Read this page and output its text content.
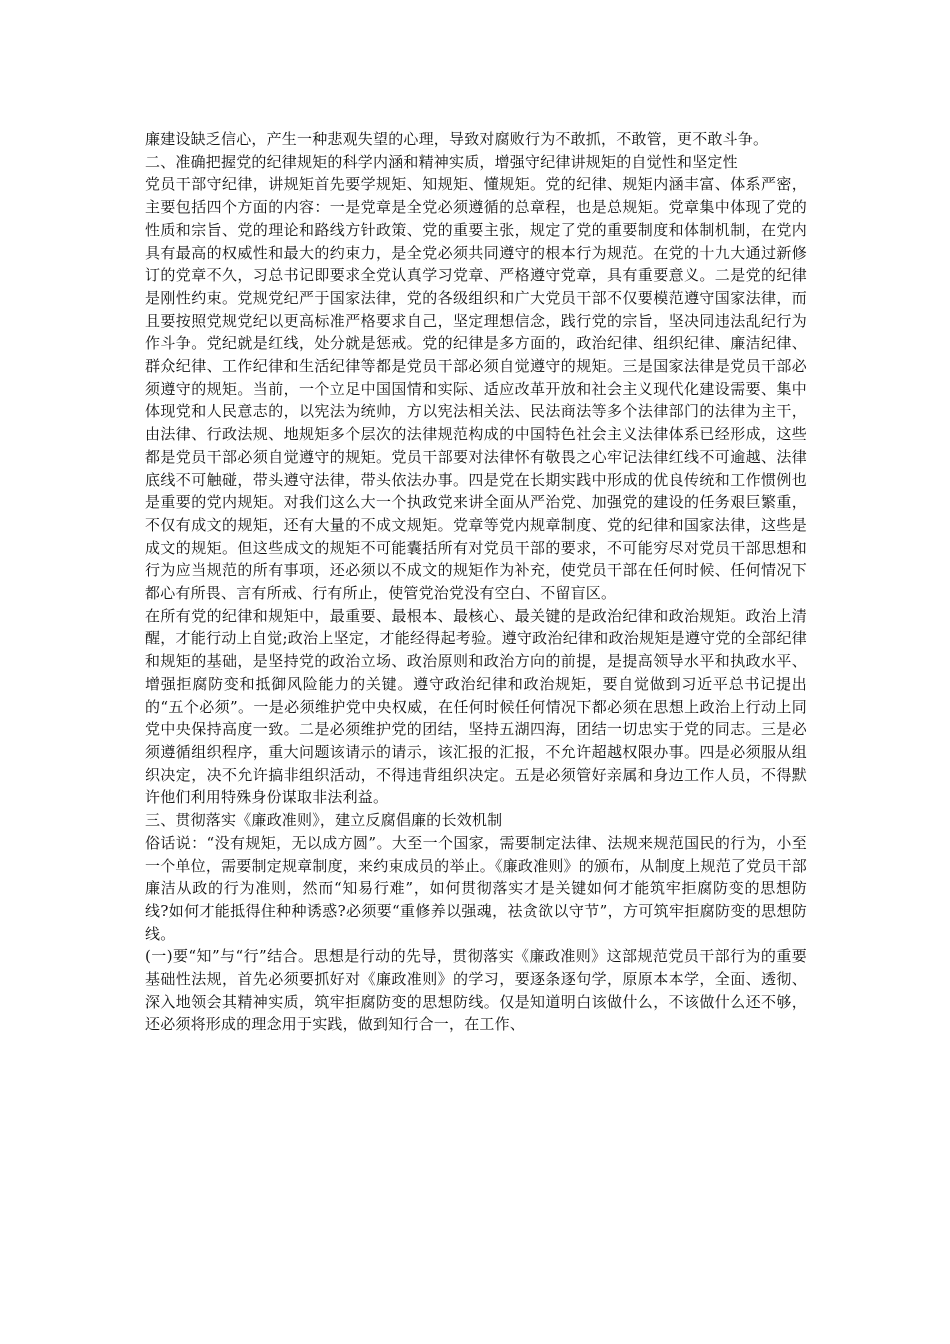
廉建设缺乏信心，产生一种悲观失望的心理，导致对腐败行为不敢抓，不敢管，更不敢斗争。

二、准确把握党的纪律规矩的科学内涵和精神实质，增强守纪律讲规矩的自觉性和坚定性

党员干部守纪律，讲规矩首先要学规矩、知规矩、懂规矩。党的纪律、规矩内涵丰富、体系严密，主要包括四个方面的内容：一是党章是全党必须遵循的总章程，也是总规矩。党章集中体现了党的性质和宗旨、党的理论和路线方针政策、党的重要主张，规定了党的重要制度和体制机制，在党内具有最高的权威性和最大的约束力，是全党必须共同遵守的根本行为规范。在党的十九大通过新修订的党章不久，习总书记即要求全党认真学习党章、严格遵守党章，具有重要意义。二是党的纪律是刚性约束。党规党纪严于国家法律，党的各级组织和广大党员干部不仅要模范遵守国家法律，而且要按照党规党纪以更高标准严格要求自己，坚定理想信念，践行党的宗旨，坚决同违法乱纪行为作斗争。党纪就是红线，处分就是惩戒。党的纪律是多方面的，政治纪律、组织纪律、廉洁纪律、群众纪律、工作纪律和生活纪律等都是党员干部必须自觉遵守的规矩。三是国家法律是党员干部必须遵守的规矩。当前，一个立足中国国情和实际、适应改革开放和社会主义现代化建设需要、集中体现党和人民意志的，以宪法为统帅，方以宪法相关法、民法商法等多个法律部门的法律为主干，由法律、行政法规、地规矩多个层次的法律规范构成的中国特色社会主义法律体系已经形成，这些都是党员干部必须自觉遵守的规矩。党员干部要对法律怀有敬畏之心牢记法律红线不可逾越、法律底线不可触碰，带头遵守法律，带头依法办事。四是党在长期实践中形成的优良传统和工作惯例也是重要的党内规矩。对我们这么大一个执政党来讲全面从严治党、加强党的建设的任务艰巨繁重，不仅有成文的规矩，还有大量的不成文规矩。党章等党内规章制度、党的纪律和国家法律，这些是成文的规矩。但这些成文的规矩不可能囊括所有对党员干部的要求，不可能穷尽对党员干部思想和行为应当规范的所有事项，还必须以不成文的规矩作为补充，使党员干部在任何时候、任何情况下都心有所畏、言有所戒、行有所止，使管党治党没有空白、不留盲区。

在所有党的纪律和规矩中，最重要、最根本、最核心、最关键的是政治纪律和政治规矩。政治上清醒，才能行动上自觉;政治上坚定，才能经得起考验。遵守政治纪律和政治规矩是遵守党的全部纪律和规矩的基础，是坚持党的政治立场、政治原则和政治方向的前提，是提高领导水平和执政水平、增强拒腐防变和抵御风险能力的关键。遵守政治纪律和政治规矩，要自觉做到习近平总书记提出的“五个必须”。一是必须维护党中央权威，在任何时候任何情况下都必须在思想上政治上行动上同党中央保持高度一致。二是必须维护党的团结，坚持五湖四海，团结一切忠实于党的同志。三是必须遵循组织程序，重大问题该请示的请示，该汇报的汇报，不允许超越权限办事。四是必须服从组织决定，决不允许搞非组织活动，不得违背组织决定。五是必须管好亲属和身边工作人员，不得默许他们利用特殊身份谋取非法利益。

三、贯彻落实《廉政准则》，建立反腐倡廉的长效机制

俗话说：“没有规矩，无以成方圆”。大至一个国家，需要制定法律、法规来规范国民的行为，小至一个单位，需要制定规章制度，来约束成员的举止。《廉政准则》的颁布，从制度上规范了党员干部廉洁从政的行为准则，然而“知易行难”，如何贯彻落实才是关键如何才能筑牢拒腐防变的思想防线?如何才能抵得住种种诱惑?必须要“重修养以强魂，祛贪欲以守节”，方可筑牢拒腐防变的思想防线。

(一)要“知”与“行”结合。思想是行动的先导，贯彻落实《廉政准则》这部规范党员干部行为的重要基础性法规，首先必须要抓好对《廉政准则》的学习，要逐条逐句学，原原本本学，全面、透彻、深入地领会其精神实质，筑牢拒腐防变的思想防线。仅是知道明白该做什么，不该做什么还不够，还必须将形成的理念用于实践，做到知行合一，在工作、
